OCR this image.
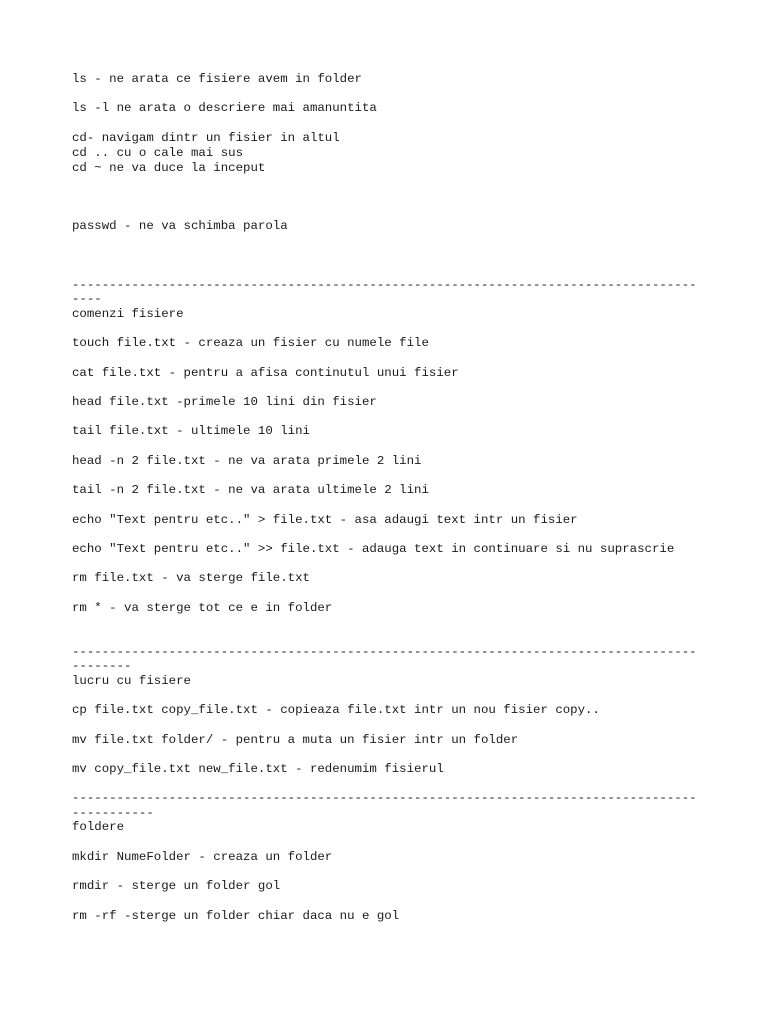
ls - ne arata ce fisiere avem in folder
ls -l ne arata o descriere mai amanuntita
cd- navigam dintr un fisier in altul
cd .. cu o cale mai sus
cd ~ ne va duce la inceput
passwd - ne va schimba parola
------------------------------------------------------------------------------------
----
comenzi fisiere
touch file.txt - creaza un fisier cu numele file
cat file.txt - pentru a afisa continutul unui fisier
head file.txt -primele 10 lini din fisier
tail file.txt - ultimele 10 lini
head -n 2 file.txt - ne va arata primele 2 lini
tail -n 2 file.txt - ne va arata ultimele 2 lini
echo "Text pentru etc.." > file.txt - asa adaugi text intr un fisier
echo "Text pentru etc.." >> file.txt - adauga text in continuare si nu suprascrie
rm file.txt - va sterge file.txt
rm * - va sterge tot ce e in folder
------------------------------------------------------------------------------------
--------
lucru cu fisiere
cp file.txt copy_file.txt - copieaza file.txt intr un nou fisier copy..
mv file.txt folder/ - pentru a muta un fisier intr un folder
mv copy_file.txt new_file.txt - redenumim fisierul
------------------------------------------------------------------------------------
-----------
foldere
mkdir NumeFolder - creaza un folder
rmdir - sterge un folder gol
rm -rf -sterge un folder chiar daca nu e gol
